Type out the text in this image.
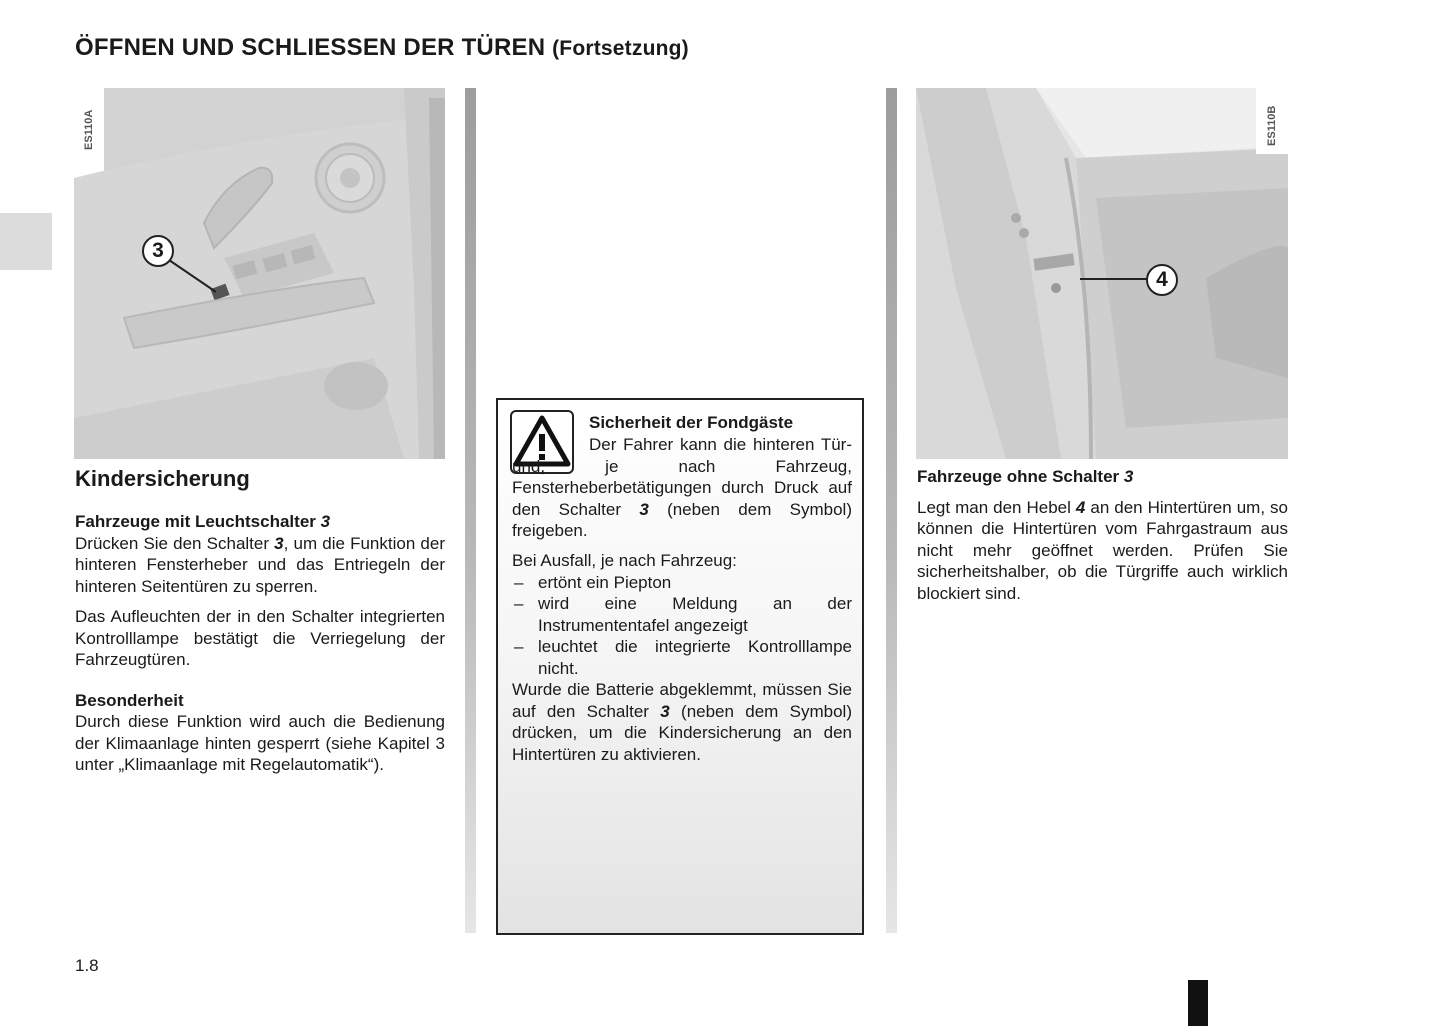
ÖFFNEN UND SCHLIESSEN DER TÜREN (Fortsetzung)
ES110A
3
ES110B
4
Kindersicherung
Fahrzeuge mit Leuchtschalter 3
Drücken Sie den Schalter 3, um die Funktion der hinteren Fensterheber und das Entriegeln der hinteren Seitentüren zu sperren.
Das Aufleuchten der in den Schalter integrierten Kontrolllampe bestätigt die Verriegelung der Fahrzeugtüren.
Besonderheit
Durch diese Funktion wird auch die Bedienung der Klimaanlage hinten gesperrt (siehe Kapitel 3 unter „Klimaanlage mit Regelautomatik“).
Sicherheit der Fondgäste
Der Fahrer kann die hinteren Tür- und, je nach Fahrzeug, Fensterheberbetätigungen durch Druck auf den Schalter 3 (neben dem Symbol) freigeben.
Bei Ausfall, je nach Fahrzeug:
– ertönt ein Piepton
– wird eine Meldung an der Instrumententafel angezeigt
– leuchtet die integrierte Kontrolllampe nicht.
Wurde die Batterie abgeklemmt, müssen Sie auf den Schalter 3 (neben dem Symbol) drücken, um die Kindersicherung an den Hintertüren zu aktivieren.
Fahrzeuge ohne Schalter 3
Legt man den Hebel 4 an den Hintertüren um, so können die Hintertüren vom Fahrgastraum aus nicht mehr geöffnet werden. Prüfen Sie sicherheitshalber, ob die Türgriffe auch wirklich blockiert sind.
1.8
